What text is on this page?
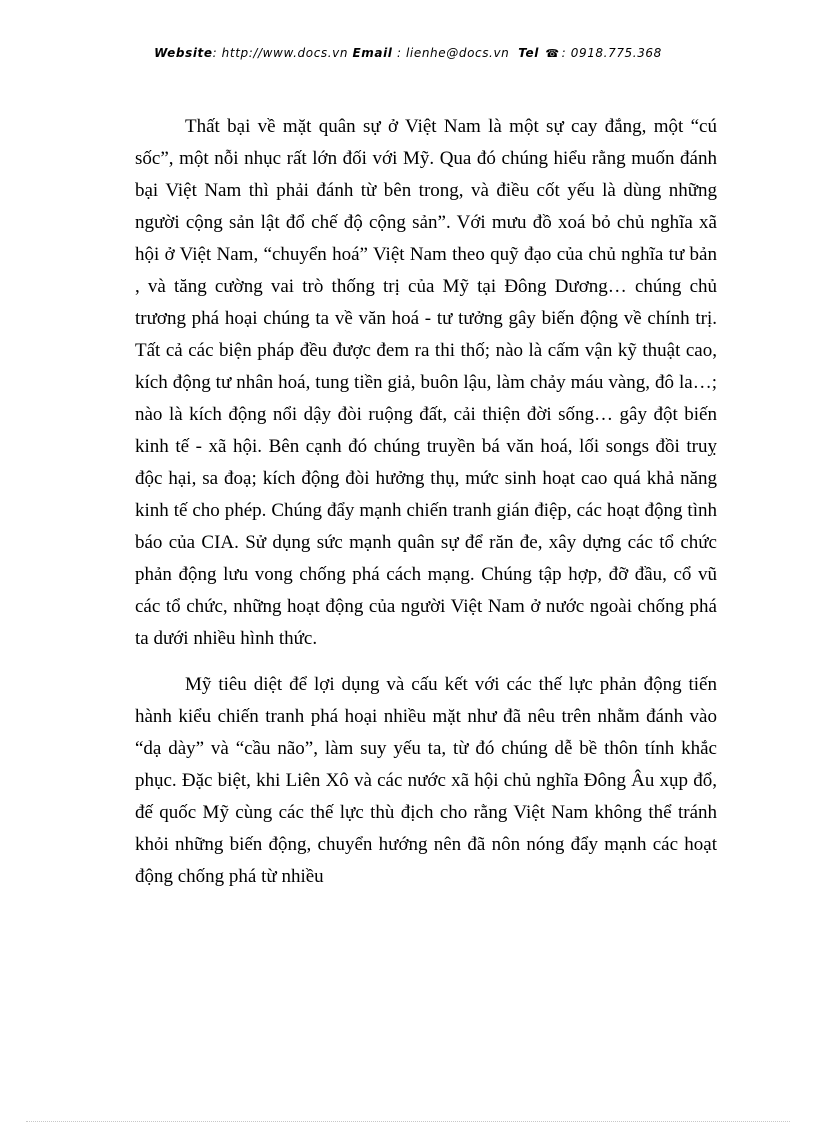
Website: http://www.docs.vn Email : lienhe@docs.vn Tel ☎ : 0918.775.368

Thất bại về mặt quân sự ở Việt Nam là một sự cay đắng, một “cú sốc”, một nỗi nhục rất lớn đối với Mỹ. Qua đó chúng hiểu rằng muốn đánh bại Việt Nam thì phải đánh từ bên trong, và điều cốt yếu là dùng những người cộng sản lật đổ chế độ cộng sản”. Với mưu đồ xoá bỏ chủ nghĩa xã hội ở Việt Nam, “chuyển hoá” Việt Nam theo quỹ đạo của chủ nghĩa tư bản , và tăng cường vai trò thống trị của Mỹ tại Đông Dương… chúng chủ trương phá hoại chúng ta về văn hoá - tư tưởng gây biến động về chính trị. Tất cả các biện pháp đều được đem ra thi thố; nào là cấm vận kỹ thuật cao, kích động tư nhân hoá, tung tiền giả, buôn lậu, làm chảy máu vàng, đô la…; nào là kích động nổi dậy đòi ruộng đất, cải thiện đời sống… gây đột biến kinh tế - xã hội. Bên cạnh đó chúng truyền bá văn hoá, lối songs đồi truỵ độc hại, sa đoạ; kích động đòi hưởng thụ, mức sinh hoạt cao quá khả năng kinh tế cho phép. Chúng đẩy mạnh chiến tranh gián điệp, các hoạt động tình báo của CIA. Sử dụng sức mạnh quân sự để răn đe, xây dựng các tổ chức phản động lưu vong chống phá cách mạng. Chúng tập hợp, đỡ đầu, cổ vũ các tổ chức, những hoạt động của người Việt Nam ở nước ngoài chống phá ta dưới nhiều hình thức.

Mỹ tiêu diệt để lợi dụng và cấu kết với các thế lực phản động tiến hành kiểu chiến tranh phá hoại nhiều mặt như đã nêu trên nhằm đánh vào “dạ dày” và “cầu não”, làm suy yếu ta, từ đó chúng dễ bề thôn tính khắc phục. Đặc biệt, khi Liên Xô và các nước xã hội chủ nghĩa Đông Âu xụp đổ, đế quốc Mỹ cùng các thế lực thù địch cho rằng Việt Nam không thể tránh khỏi những biến động, chuyển hướng nên đã nôn nóng đẩy mạnh các hoạt động chống phá từ nhiều
